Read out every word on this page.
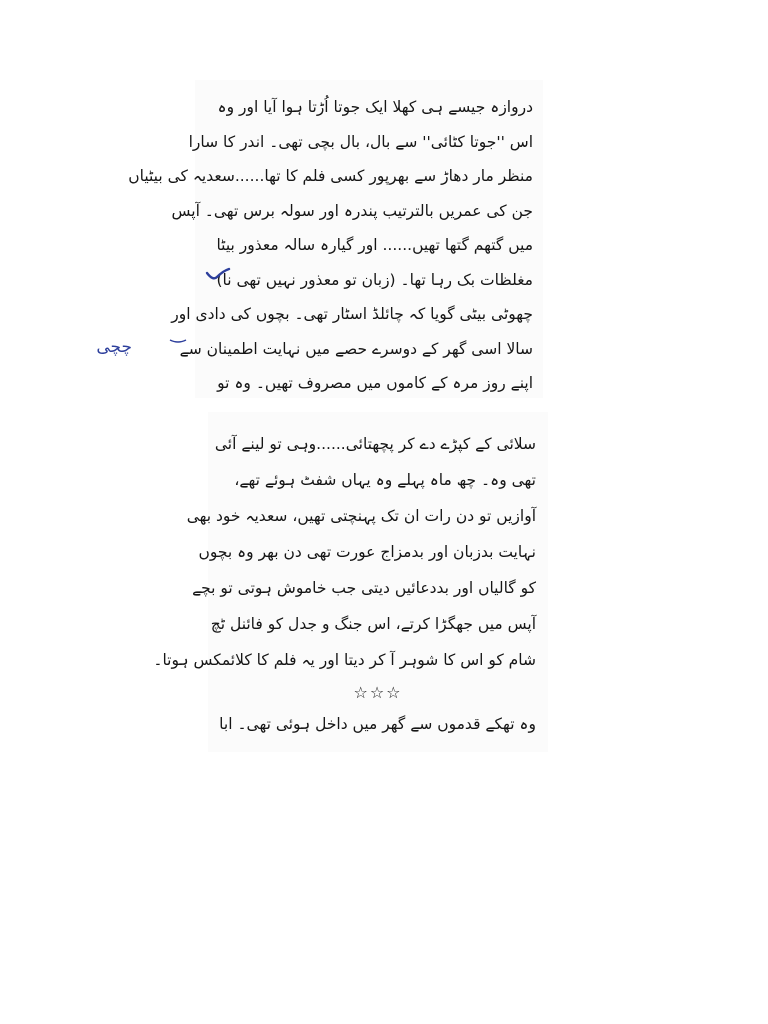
دروازہ جیسے ہی کھلا ایک جوتا اُڑتا ہوا آیا اور وہ
اس ''جوتا کٹائی'' سے بال، بال بچی تھی۔ اندر کا سارا
منظر مار دھاڑ سے بھرپور کسی فلم کا تھا......سعدیہ کی بیٹیاں
جن کی عمریں بالترتیب پندرہ اور سولہ برس تھی۔ آپس
میں گتھم گتھا تھیں...... اور گیارہ سالہ معذور بیٹا
مغلظات بک رہا تھا۔ (زبان تو معذور نہیں تھی نا)
چھوٹی بیٹی گویا کہ چائلڈ اسٹار تھی۔ بچوں کی دادی اور
سالا اسی گھر کے دوسرے حصے میں نہایت اطمینان سے
اپنے روز مرہ کے کاموں میں مصروف تھیں۔ وہ تو
چچی
سلائی کے کپڑے دے کر پچھتائی......وہی تو لینے آئی
تھی وہ۔ چھ ماہ پہلے وہ یہاں شفٹ ہوئے تھے،
آوازیں تو دن رات ان تک پہنچتی تھیں، سعدیہ خود بھی
نہایت بدزبان اور بدمزاج عورت تھی دن بھر وہ بچوں
کو گالیاں اور بددعائیں دیتی جب خاموش ہوتی تو بچے
آپس میں جھگڑا کرتے، اس جنگ و جدل کو فائنل ٹچ
شام کو اس کا شوہر آ کر دیتا اور یہ فلم کا کلائمکس ہوتا۔
☆☆☆
وہ تھکے قدموں سے گھر میں داخل ہوئی تھی۔ ابا
